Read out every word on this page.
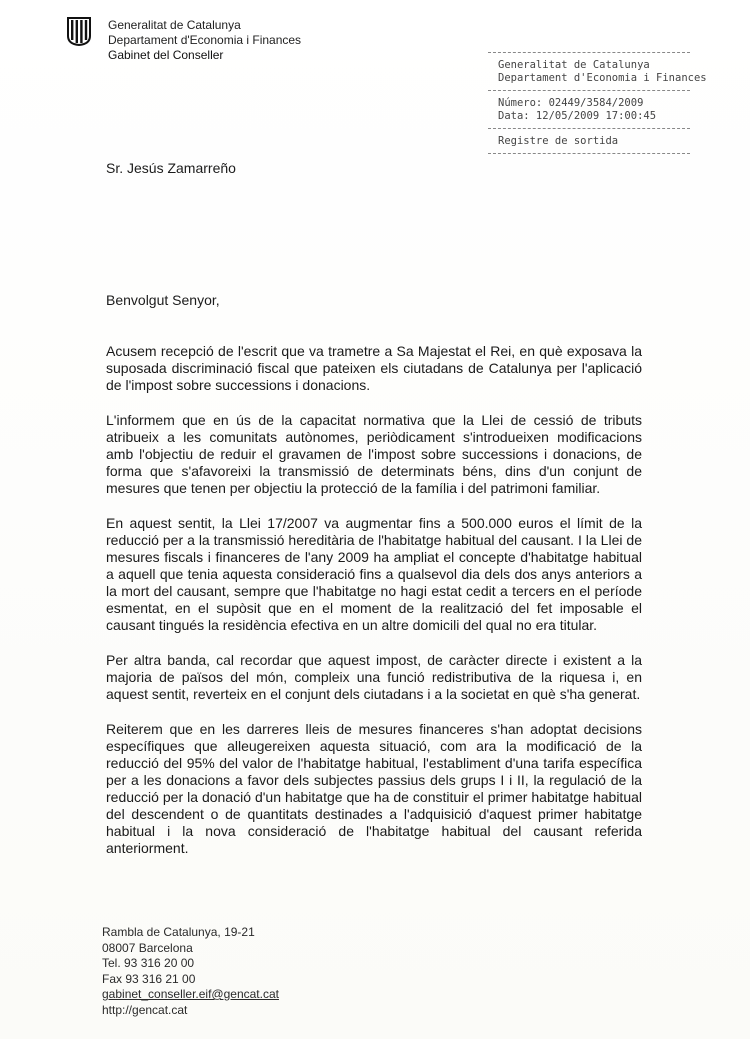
Generalitat de Catalunya
Departament d'Economia i Finances
Gabinet del Conseller
Generalitat de Catalunya
Departament d'Economia i Finances
Número: 02449/3584/2009
Data: 12/05/2009 17:00:45
Registre de sortida
Sr. Jesús Zamarreño
Benvolgut Senyor,

Acusem recepció de l'escrit que va trametre a Sa Majestat el Rei, en què exposava la suposada discriminació fiscal que pateixen els ciutadans de Catalunya per l'aplicació de l'impost sobre successions i donacions.

L'informem que en ús de la capacitat normativa que la Llei de cessió de tributs atribueix a les comunitats autònomes, periòdicament s'introdueixen modificacions amb l'objectiu de reduir el gravamen de l'impost sobre successions i donacions, de forma que s'afavoreixi la transmissió de determinats béns, dins d'un conjunt de mesures que tenen per objectiu la protecció de la família i del patrimoni familiar.

En aquest sentit, la Llei 17/2007 va augmentar fins a 500.000 euros el límit de la reducció per a la transmissió hereditària de l'habitatge habitual del causant. I la Llei de mesures fiscals i financeres de l'any 2009 ha ampliat el concepte d'habitatge habitual a aquell que tenia aquesta consideració fins a qualsevol dia dels dos anys anteriors a la mort del causant, sempre que l'habitatge no hagi estat cedit a tercers en el període esmentat, en el supòsit que en el moment de la realització del fet imposable el causant tingués la residència efectiva en un altre domicili del qual no era titular.

Per altra banda, cal recordar que aquest impost, de caràcter directe i existent a la majoria de països del món, compleix una funció redistributiva de la riquesa i, en aquest sentit, reverteix en el conjunt dels ciutadans i a la societat en què s'ha generat.

Reiterem que en les darreres lleis de mesures financeres s'han adoptat decisions específiques que alleugereixen aquesta situació, com ara la modificació de la reducció del 95% del valor de l'habitatge habitual, l'establiment d'una tarifa específica per a les donacions a favor dels subjectes passius dels grups I i II, la regulació de la reducció per la donació d'un habitatge que ha de constituir el primer habitatge habitual del descendent o de quantitats destinades a l'adquisició d'aquest primer habitatge habitual i la nova consideració de l'habitatge habitual del causant referida anteriorment.

Rambla de Catalunya, 19-21
08007 Barcelona
Tel. 93 316 20 00
Fax 93 316 21 00
gabinet_conseller.eif@gencat.cat
http://gencat.cat
